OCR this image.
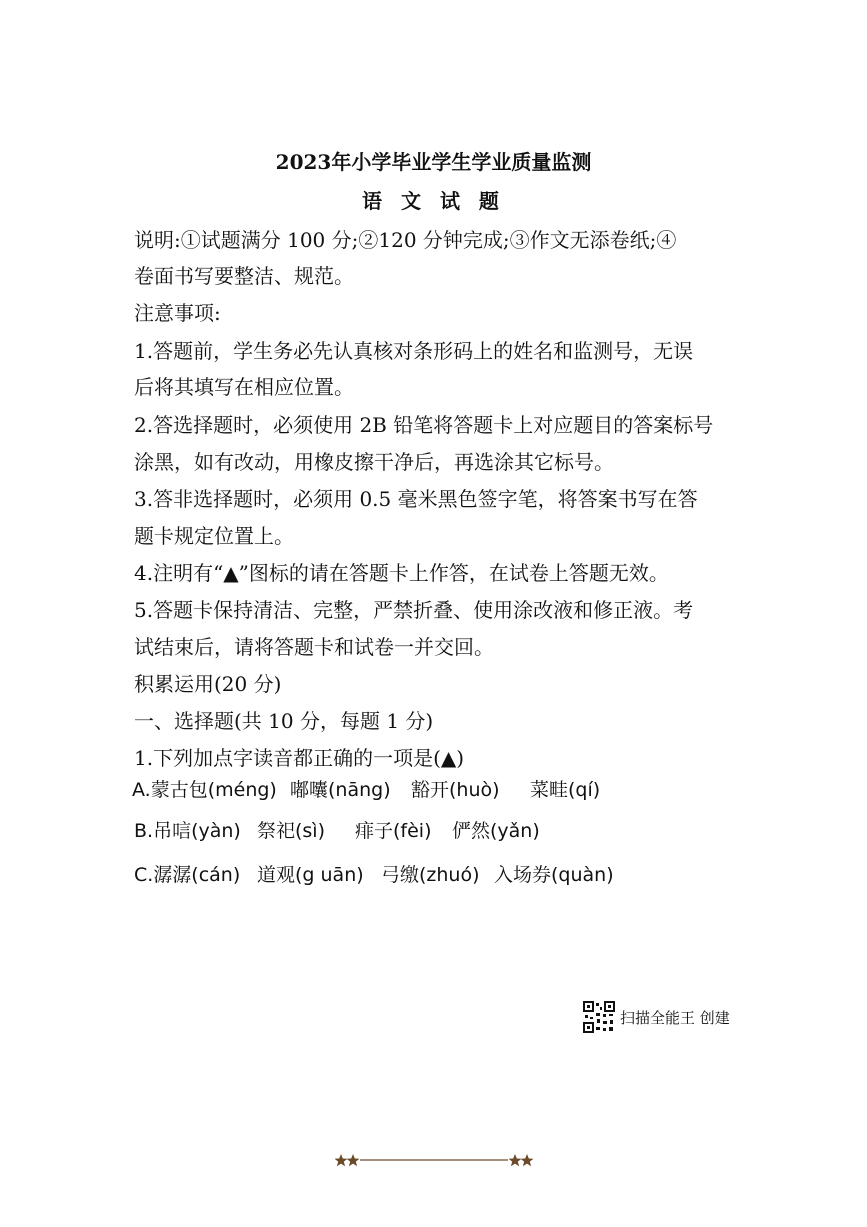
2023年小学毕业学生学业质量监测
语 文 试 题
说明:①试题满分 100 分;②120 分钟完成;③作文无添卷纸;④
卷面书写要整洁、规范。
注意事项:
1.答题前，学生务必先认真核对条形码上的姓名和监测号，无误
后将其填写在相应位置。
2.答选择题时，必须使用 2B 铅笔将答题卡上对应题目的答案标号
涂黑，如有改动，用橡皮擦干净后，再选涂其它标号。
3.答非选择题时，必须用 0.5 毫米黑色签字笔，将答案书写在答
题卡规定位置上。
4.注明有“▲”图标的请在答题卡上作答，在试卷上答题无效。
5.答题卡保持清洁、完整，严禁折叠、使用涂改液和修正液。考
试结束后，请将答题卡和试卷一并交回。
积累运用(20 分)
一、选择题(共 10 分，每题 1 分)
1.下列加点字读音都正确的一项是(▲)
A.蒙古包(méng) 嘟囔(nāng) 豁开(huò) 菜畦(qí)
B.吊唁(yàn) 祭祀(sì) 痱子(fèi) 俨然(yǎn)
C.潺潺(cán) 道观(g uān) 弓缴(zhuó) 入场券(quàn)
扫描全能王 创建
